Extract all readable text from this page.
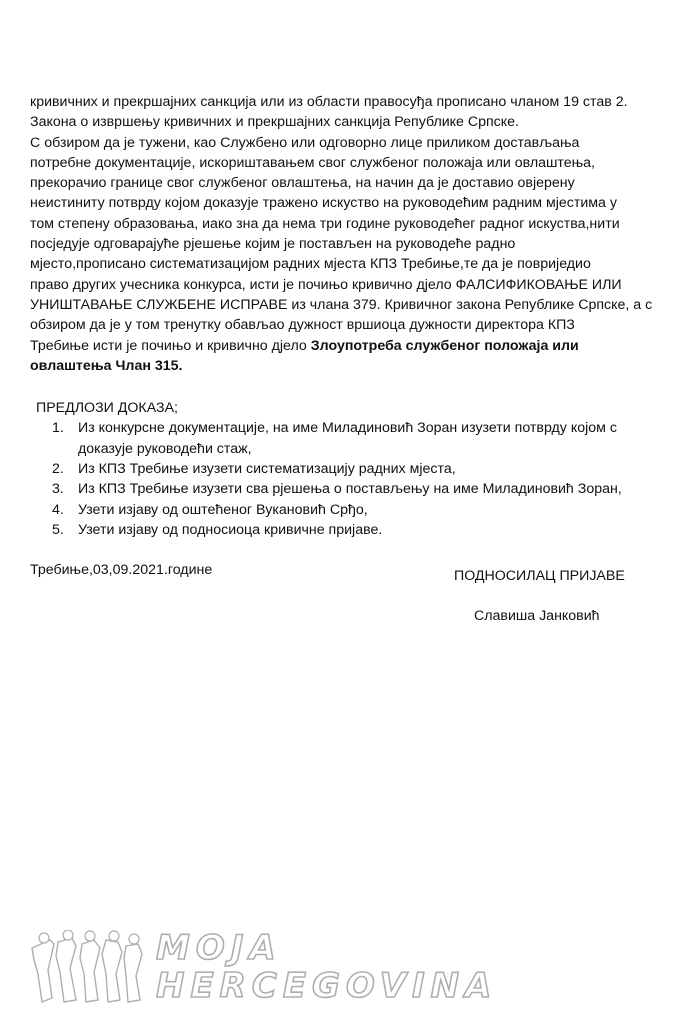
кривичних и прекршајних санкција или из области правосуђа прописано чланом 19 став 2.

Закона о извршењу кривичних и прекршајних санкција Републике Српске.

С обзиром да је тужени, као Службено или одговорно лице приликом достављања

потребне документације, искориштавањем свог службеног положаја или овлаштења,

прекорачио границе свог службеног овлаштења, на начин да је доставио овјерену

неистиниту потврду којом доказује тражено искуство на руководећим радним мјестима у

том степену образовања, иако зна да нема три године руководећег радног искуства,нити

посједује одговарајуће рјешење којим је постављен на руководеће радно

мјесто,прописано систематизацијом радних мјеста КПЗ Требиње,те да је повриједио

право других учесника конкурса, исти је почињо кривично дјело ФАЛСИФИКОВАЊЕ ИЛИ

УНИШТАВАЊЕ СЛУЖБЕНЕ ИСПРАВЕ из члана 379. Кривичног закона Републике Српске, а с

обзиром да је у том тренутку обављао дужност вршиоца дужности директора КПЗ

Требиње исти је почињо и кривично дјело Злоупотреба службеног положаја или

овлаштења Члан 315.

ПРЕДЛОЗИ ДОКАЗА;
1. Из конкурсне документације, на име Миладиновић Зоран изузети потврду којом с
доказује руководећи стаж,
2. Из КПЗ Требиње изузети систематизацију радних мјеста,
3. Из КПЗ Требиње изузети сва рјешења о постављењу на име Миладиновић Зоран,
4. Узети изјаву од оштећеног Вукановић Срђо,
5. Узети изјаву од подносиоца кривичне пријаве.
Требиње,03,09.2021.године	ПОДНОСИЛАЦ ПРИЈАВЕ
Славиша Јанковић
MOJA
HERCEGOVINA
